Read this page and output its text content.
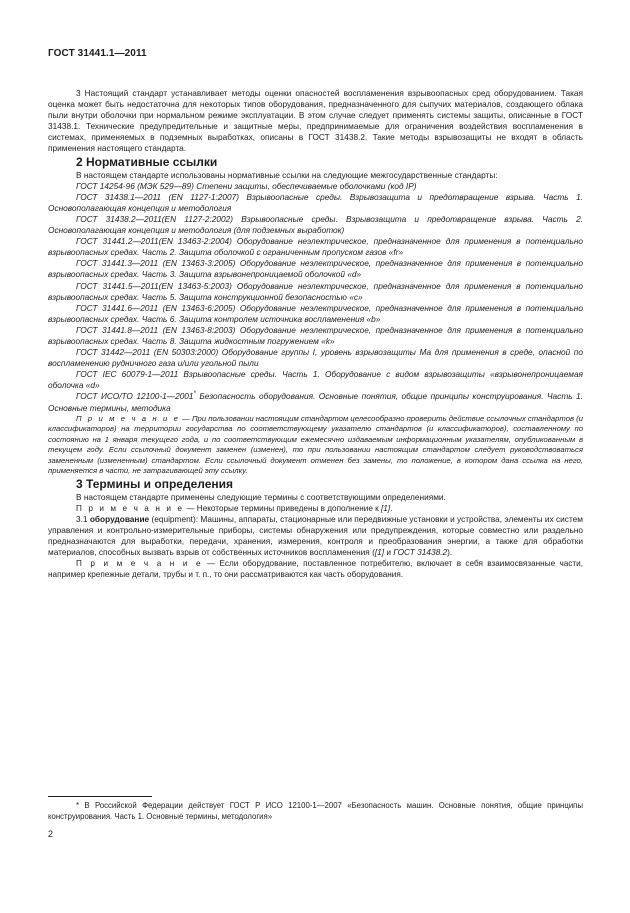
ГОСТ 31441.1—2011

3 Настоящий стандарт устанавливает методы оценки опасностей воспламенения взрывоопасных сред оборудованием. Такая оценка может быть недостаточна для некоторых типов оборудования, предназначенного для сыпучих материалов, создающего облака пыли внутри оболочки при нормальном режиме эксплуатации. В этом случае следует применять системы защиты, описанные в ГОСТ 31438.1. Технические предупредительные и защитные меры, предпринимаемые для ограничения воздействия воспламенения в системах, применяемых в подземных выработках, описаны в ГОСТ 31438.2. Такие методы взрывозащиты не входят в область применения настоящего стандарта.

2 Нормативные ссылки

В настоящем стандарте использованы нормативные ссылки на следующие межгосударственные стандарты:

ГОСТ 14254-96 (МЭК 529—89) Степени защиты, обеспечиваемые оболочками (код IP)

ГОСТ 31438.1—2011 (EN 1127-1:2007) Взрывоопасные среды. Взрывозащита и предотвращение взрыва. Часть 1. Основополагающая концепция и методология

ГОСТ 31438.2—2011(EN 1127-2:2002) Взрывоопасные среды. Взрывозащита и предотвращение взрыва. Часть 2. Основополагающая концепция и методология (для подземных выработок)

ГОСТ 31441.2—2011(EN 13463-2:2004) Оборудование неэлектрическое, предназначенное для применения в потенциально взрывоопасных средах. Часть 2. Защита оболочкой с ограниченным пропуском газов «fr»

ГОСТ 31441.3—2011 (EN 13463-3:2005) Оборудование неэлектрическое, предназначенное для применения в потенциально взрывоопасных средах. Часть 3. Защита взрывонепроницаемой оболочкой «d»

ГОСТ 31441.5—2011(EN 13463-5:2003) Оборудование неэлектрическое, предназначенное для применения в потенциально взрывоопасных средах. Часть 5. Защита конструкционной безопасностью «c»

ГОСТ 31441.6—2011 (EN 13463-6:2005) Оборудование неэлектрическое, предназначенное для применения в потенциально взрывоопасных средах. Часть 6. Защита контролем источника воспламенения «b»

ГОСТ 31441.8—2011 (EN 13463-8:2003) Оборудование неэлектрическое, предназначенное для применения в потенциально взрывоопасных средах. Часть 8. Защита жидкостным погружением «k»

ГОСТ 31442—2011 (EN 50303:2000) Оборудование группы I, уровень взрывозащиты Ма для применения в среде, опасной по воспламенению рудничного газа и/или угольной пыли

ГОСТ IEC 60079-1—2011 Взрывоопасные среды. Часть 1. Оборудование с видом взрывозащиты «взрывонепроницаемая оболочка «d»

ГОСТ ИСО/ТО 12100-1—2001* Безопасность оборудования. Основные понятия, общие принципы конструирования. Часть 1. Основные термины, методика

П р и м е ч а н и е — При пользовании настоящим стандартом целесообразно проверить действие ссылочных стандартов (и классификаторов) на территории государства по соответствующему указателю стандартов (и классификаторов), составленному по состоянию на 1 января текущего года, и по соответствующим ежемесячно издаваемым информационным указателям, опубликованным в текущем году. Если ссылочный документ заменен (изменен), то при пользовании настоящим стандартом следует руководствоваться замененным (измененным) стандартом. Если ссылочный документ отменен без замены, то положение, в котором дана ссылка на него, применяется в части, не затрагивающей эту ссылку.

3 Термины и определения

В настоящем стандарте применены следующие термины с соответствующими определениями.

П р и м е ч а н и е — Некоторые термины приведены в дополнение к [1].

3.1 оборудование (equipment): Машины, аппараты, стационарные или передвижные установки и устройства, элементы их систем управления и контрольно-измерительные приборы, системы обнаружения или предупреждения, которые совместно или раздельно предназначаются для выработки, передачи, хранения, измерения, контроля и преобразования энергии, а также для обработки материалов, способных вызвать взрыв от собственных источников воспламенения ([1] и ГОСТ 31438.2).

П р и м е ч а н и е — Если оборудование, поставленное потребителю, включает в себя взаимосвязанные части, например крепежные детали, трубы и т. п., то они рассматриваются как часть оборудования.

* В Российской Федерации действует ГОСТ Р ИСО 12100-1—2007 «Безопасность машин. Основные понятия, общие принципы конструирования. Часть 1. Основные термины, методология»

2
